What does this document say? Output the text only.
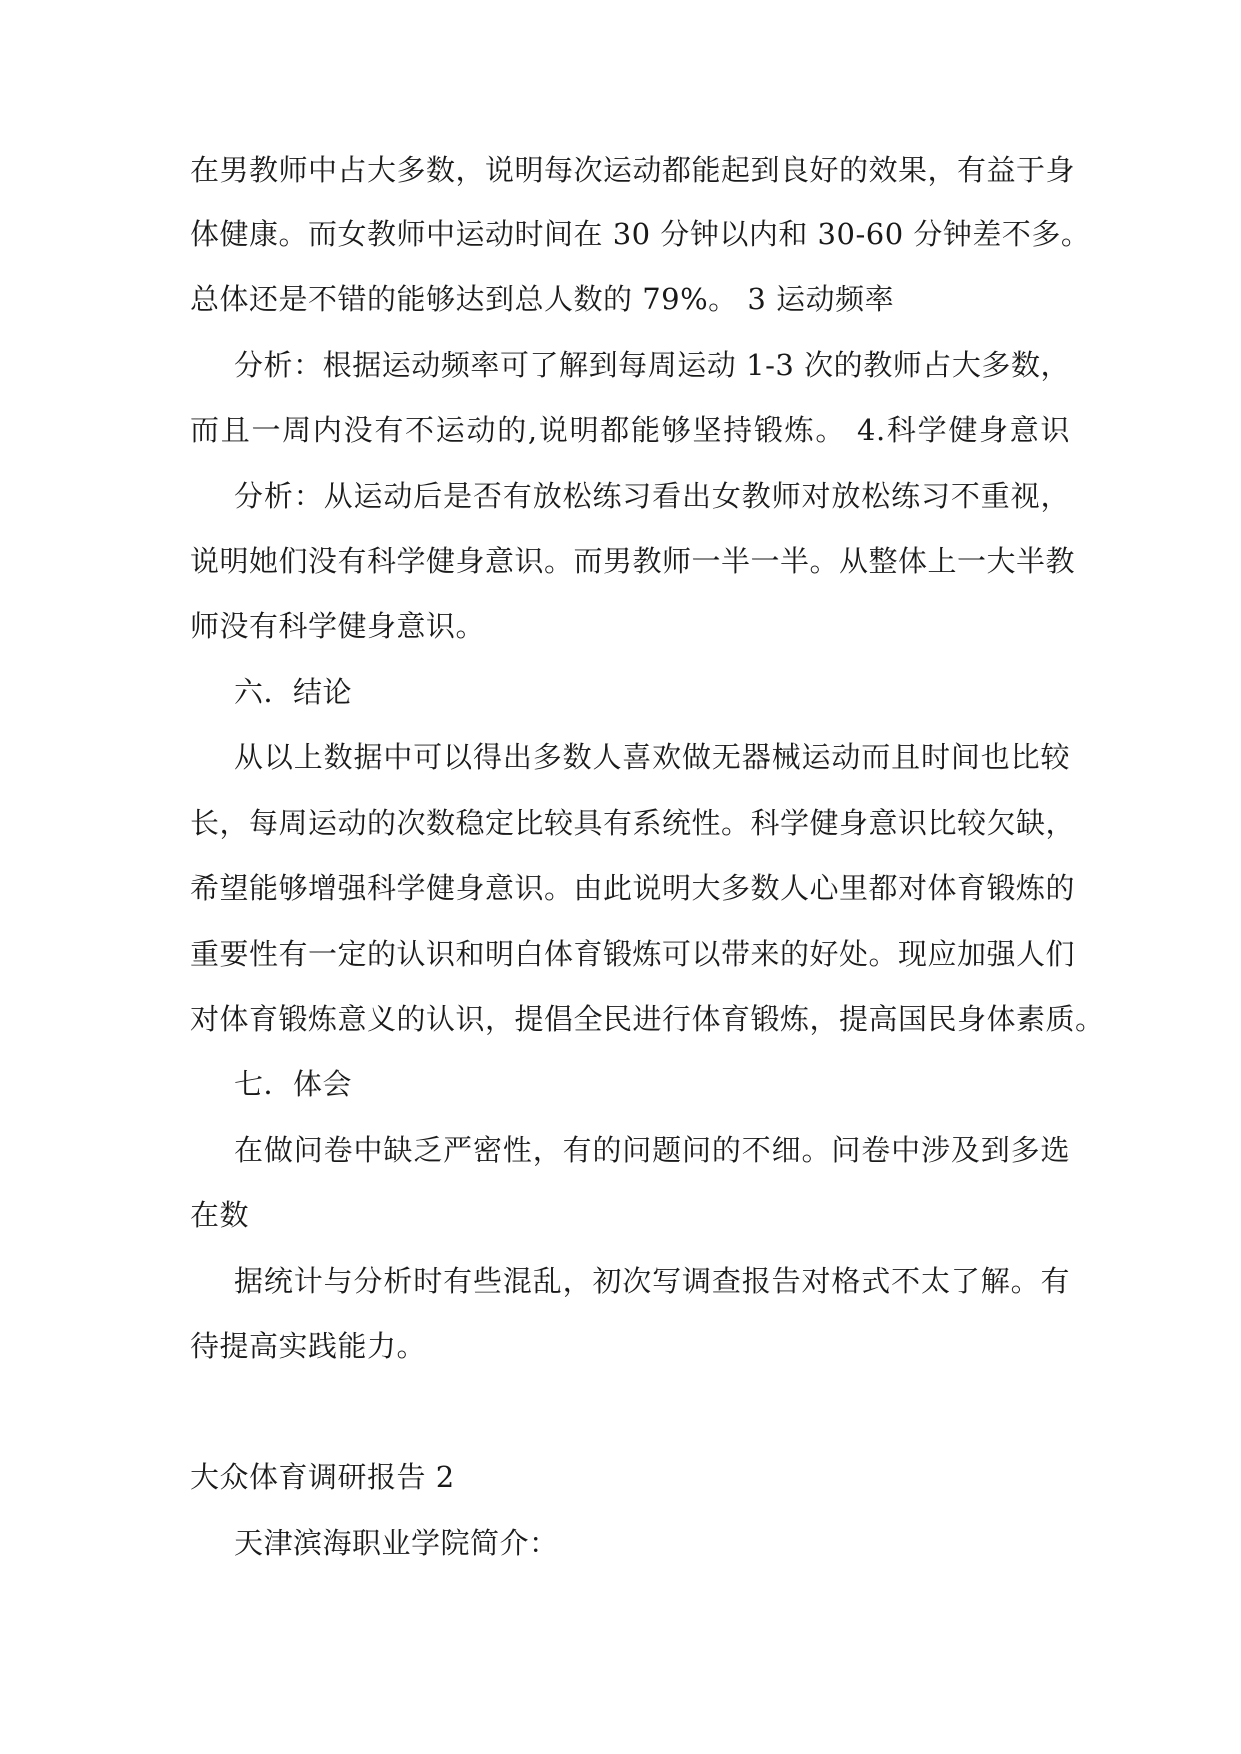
在男教师中占大多数，说明每次运动都能起到良好的效果，有益于身
体健康。而女教师中运动时间在 30 分钟以内和 30-60 分钟差不多。
总体还是不错的能够达到总人数的 79%。 3 运动频率
分析：根据运动频率可了解到每周运动 1-3 次的教师占大多数，
而且一周内没有不运动的,说明都能够坚持锻炼。 4.科学健身意识
分析：从运动后是否有放松练习看出女教师对放松练习不重视，
说明她们没有科学健身意识。而男教师一半一半。从整体上一大半教
师没有科学健身意识。
六．结论
从以上数据中可以得出多数人喜欢做无器械运动而且时间也比较
长，每周运动的次数稳定比较具有系统性。科学健身意识比较欠缺，
希望能够增强科学健身意识。由此说明大多数人心里都对体育锻炼的
重要性有一定的认识和明白体育锻炼可以带来的好处。现应加强人们
对体育锻炼意义的认识，提倡全民进行体育锻炼，提高国民身体素质。
七．体会
在做问卷中缺乏严密性，有的问题问的不细。问卷中涉及到多选
在数
据统计与分析时有些混乱，初次写调查报告对格式不太了解。有
待提高实践能力。
大众体育调研报告 2
天津滨海职业学院简介：
